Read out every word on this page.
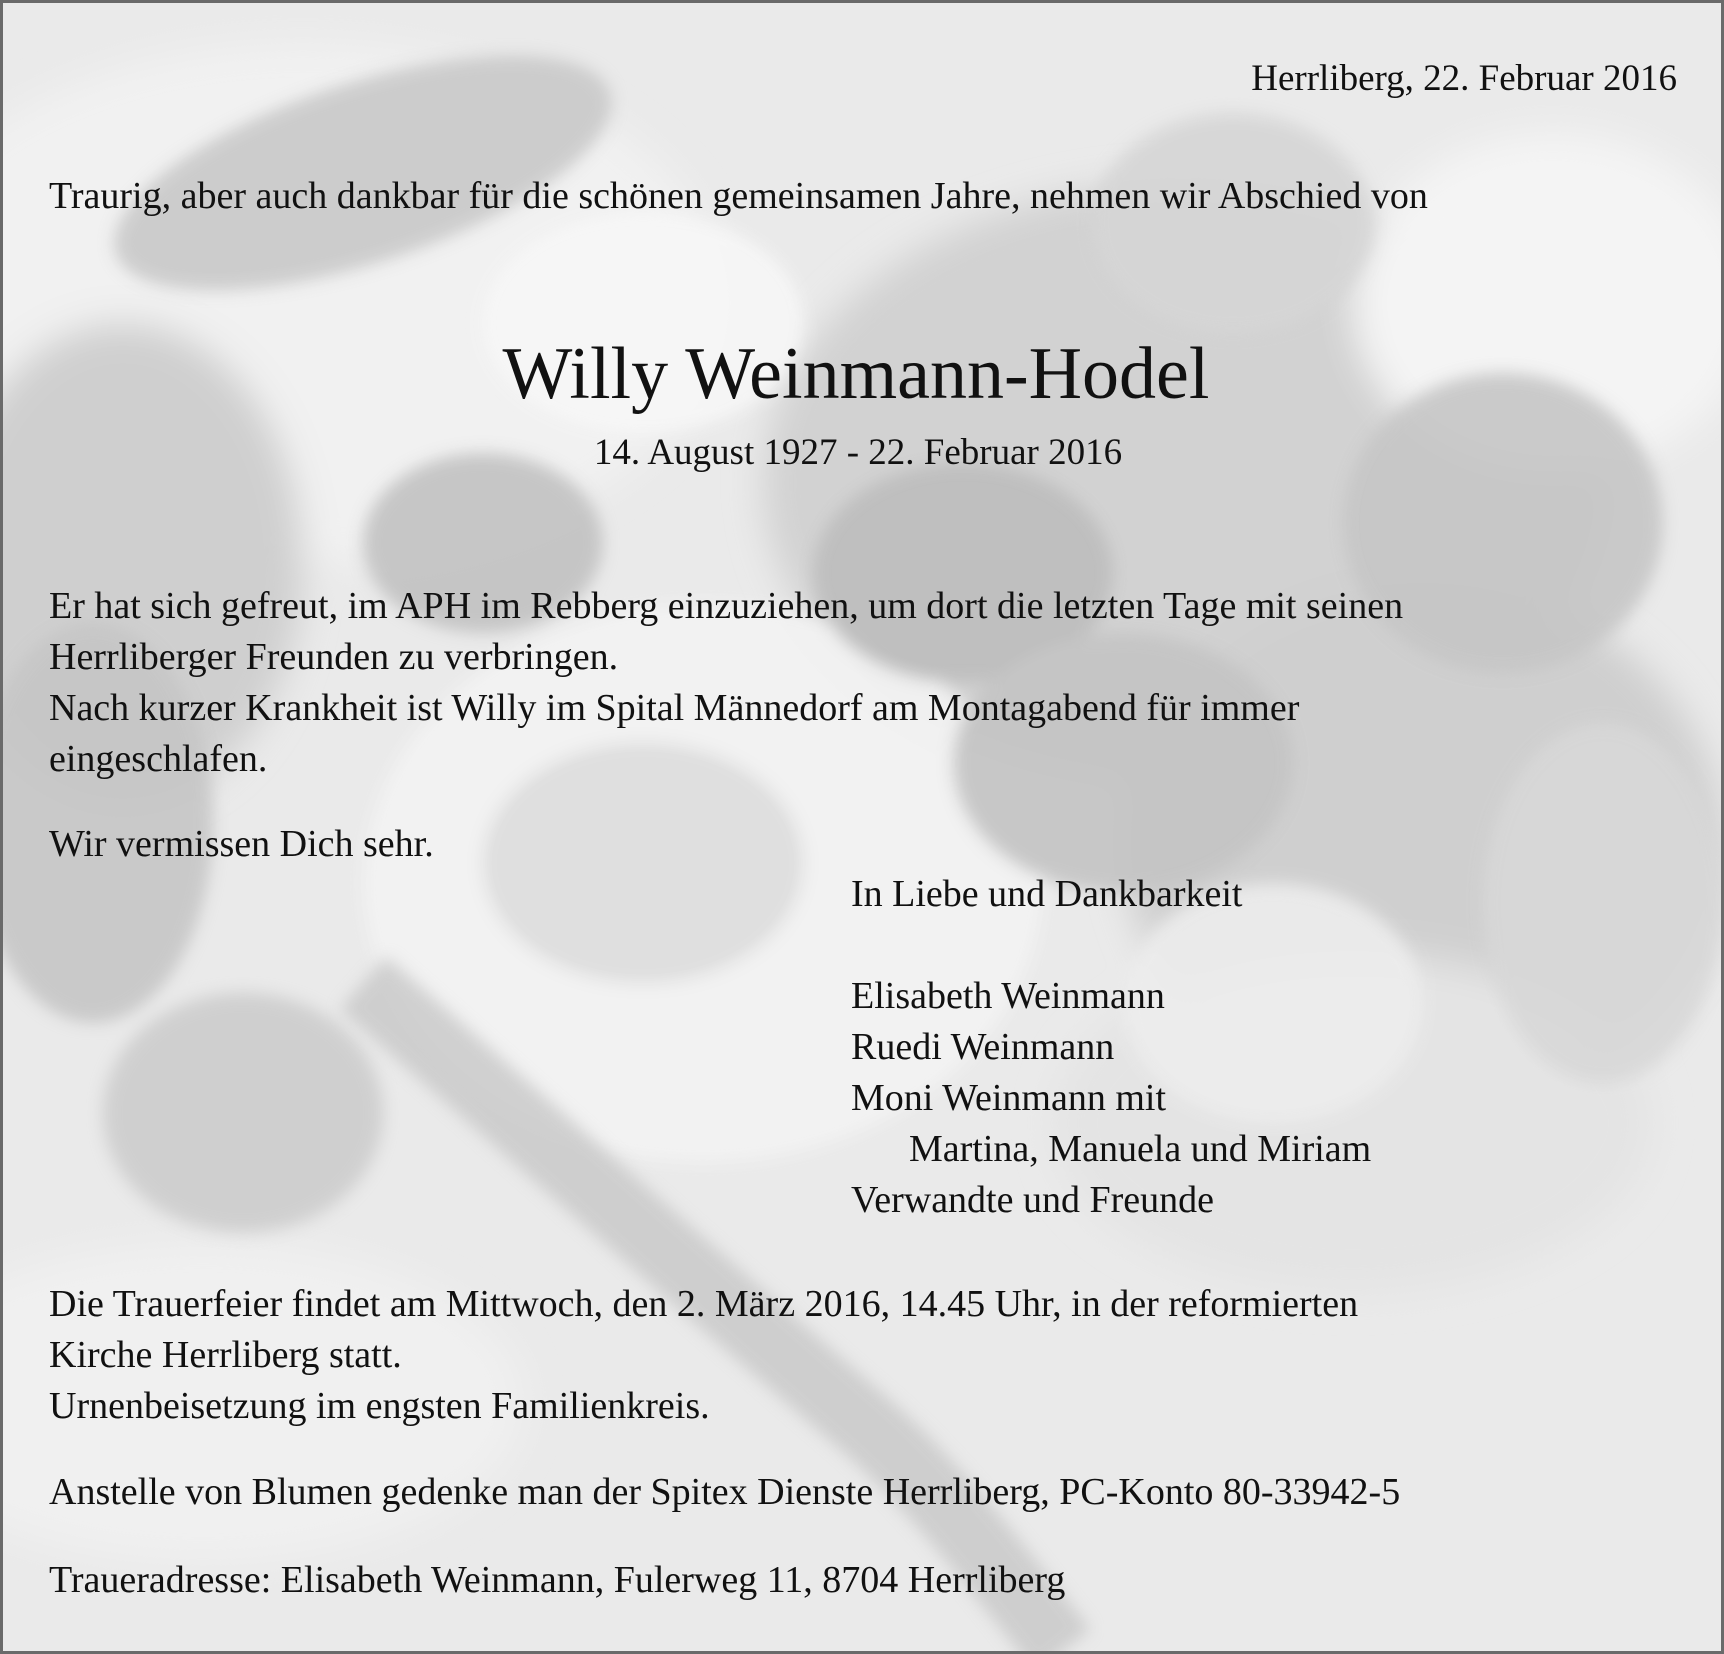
Herrliberg, 22. Februar 2016

Traurig, aber auch dankbar für die schönen gemeinsamen Jahre, nehmen wir Abschied von

Willy Weinmann-Hodel

14. August 1927 - 22. Februar 2016

Er hat sich gefreut, im APH im Rebberg einzuziehen, um dort die letzten Tage mit seinen
Herrliberger Freunden zu verbringen.

Nach kurzer Krankheit ist Willy im Spital Männedorf am Montagabend für immer
eingeschlafen.

Wir vermissen Dich sehr.

In Liebe und Dankbarkeit

Elisabeth Weinmann
Ruedi Weinmann
Moni Weinmann mit
Martina, Manuela und Miriam
Verwandte und Freunde

Die Trauerfeier findet am Mittwoch, den 2. März 2016, 14.45 Uhr, in der reformierten
Kirche Herrliberg statt.

Urnenbeisetzung im engsten Familienkreis.

Anstelle von Blumen gedenke man der Spitex Dienste Herrliberg, PC-Konto 80-33942-5

Traueradresse: Elisabeth Weinmann, Fulerweg 11, 8704 Herrliberg
